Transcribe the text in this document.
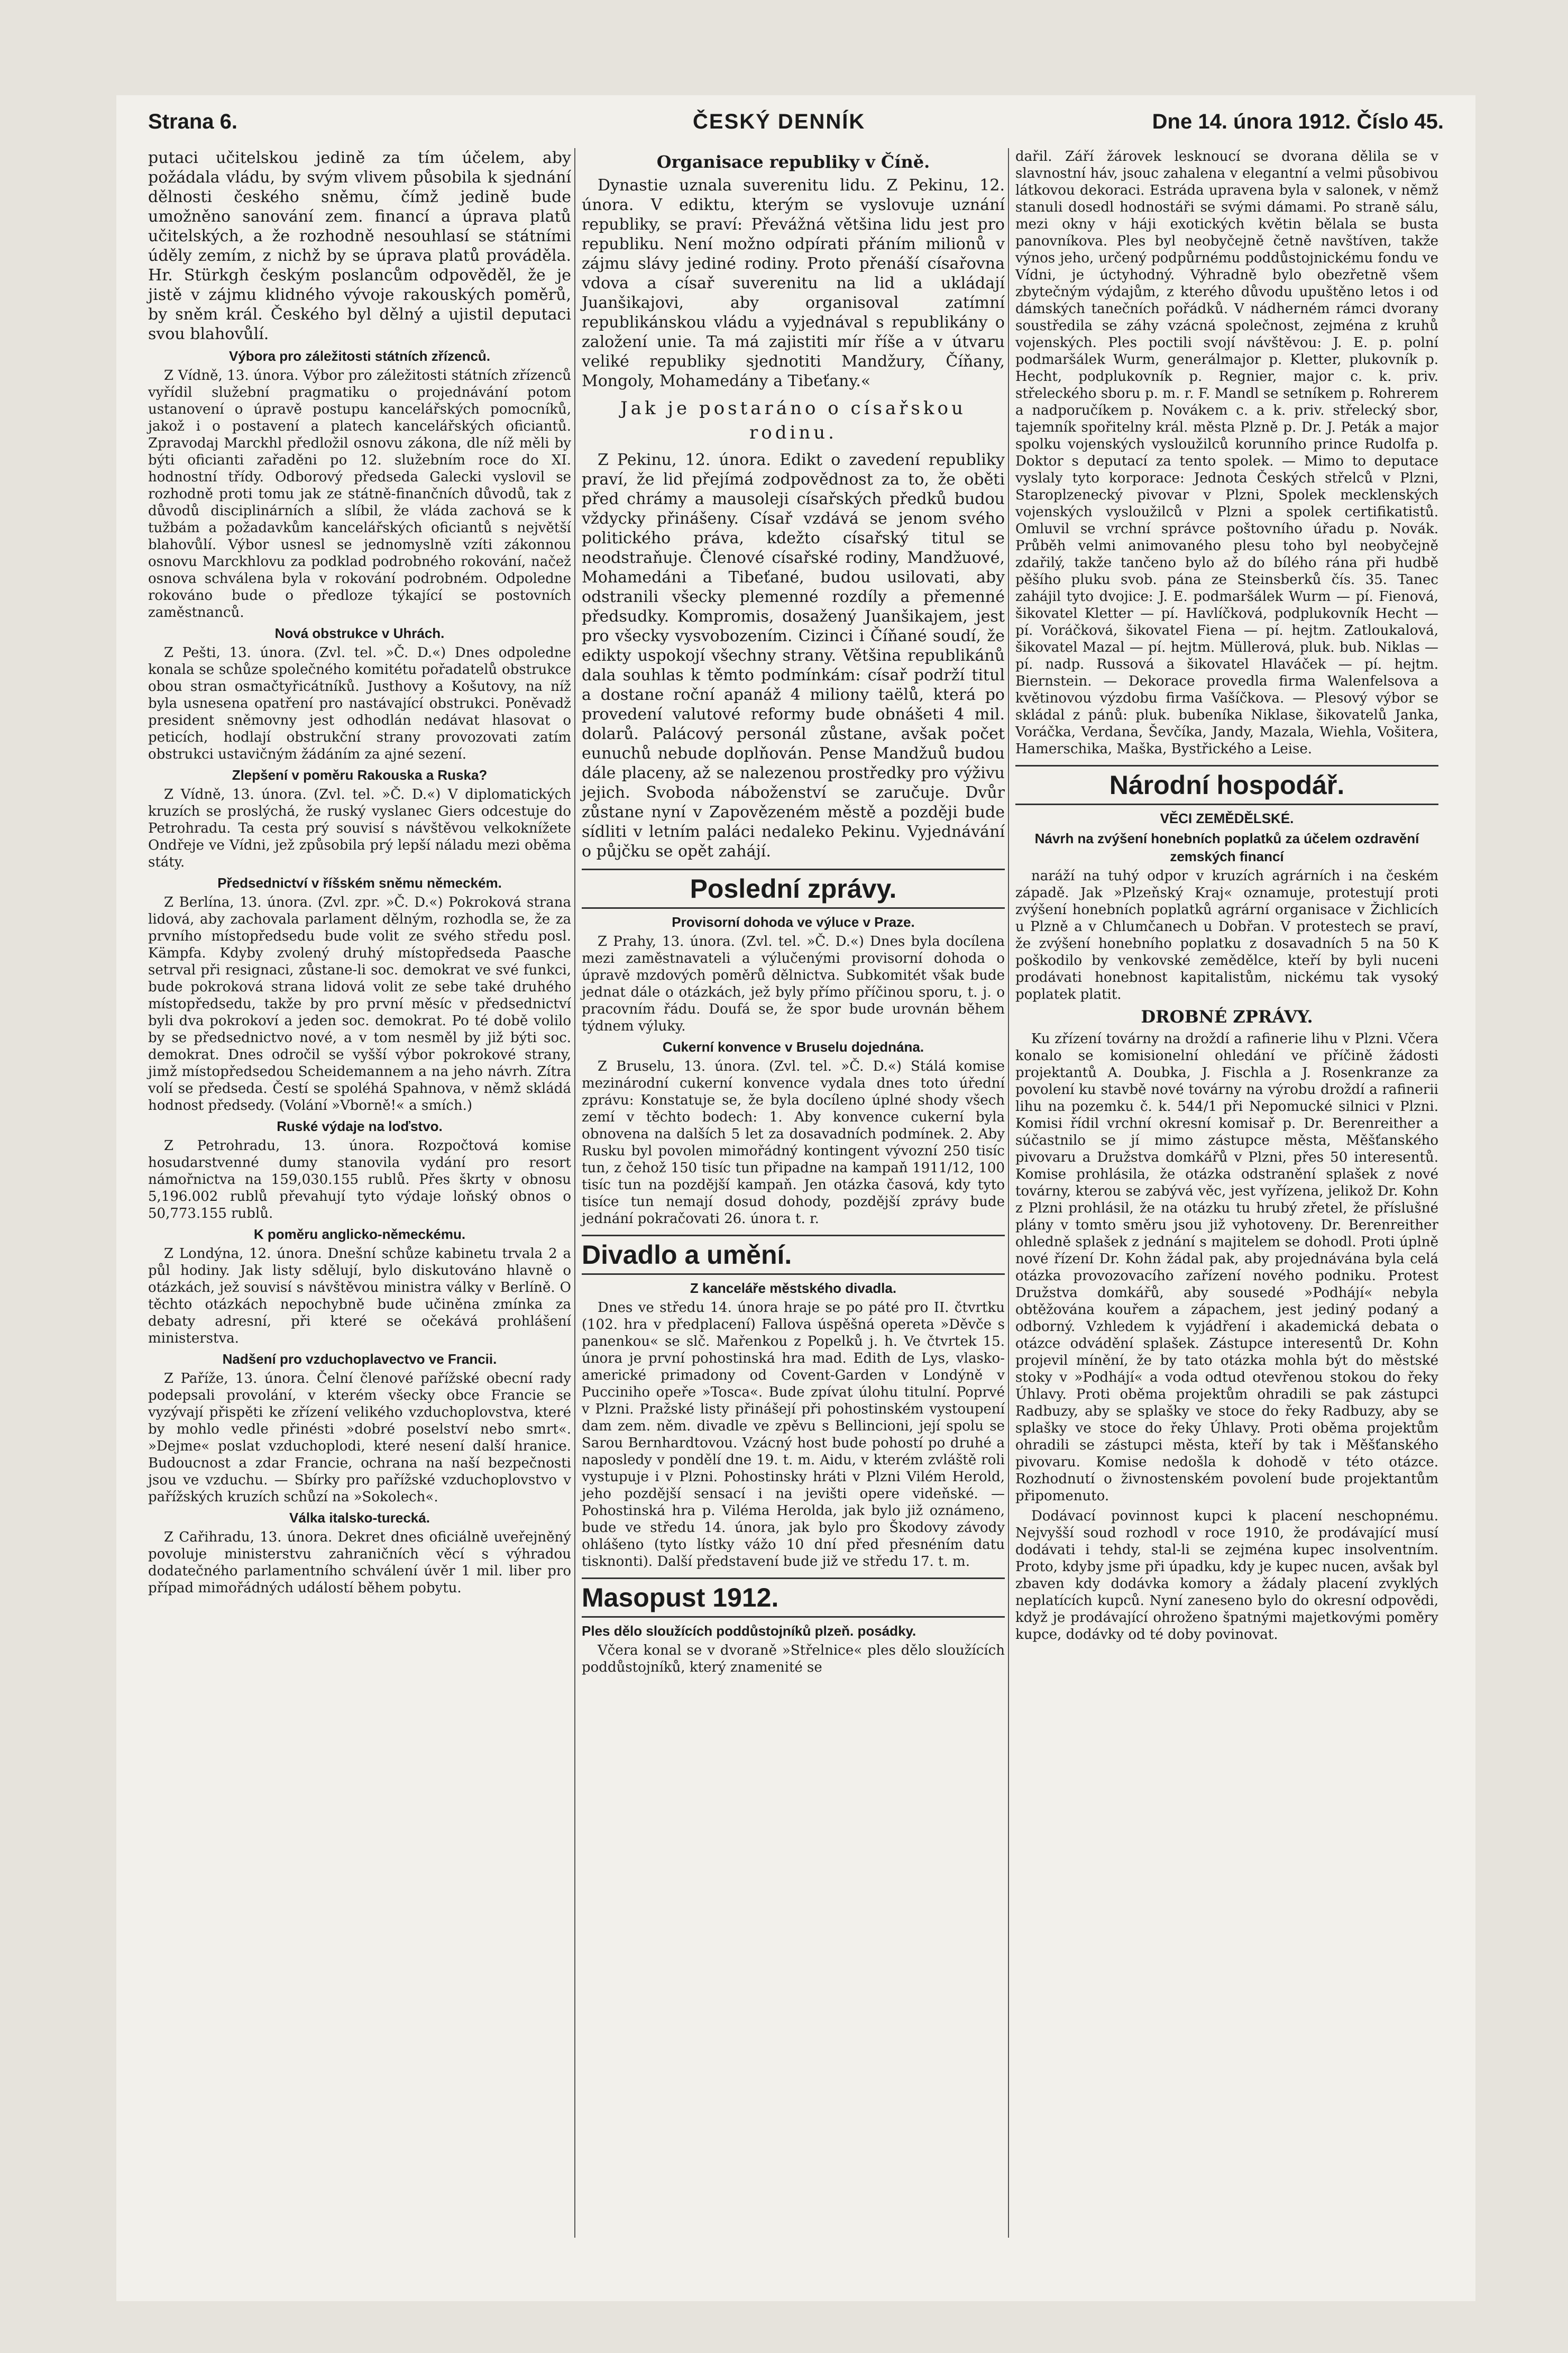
Strana 6.	ČESKÝ DENNÍK	Dne 14. února 1912. Číslo 45.

putaci učitelskou jedině za tím účelem, aby požádala vládu, by svým vlivem působila k sjednání dělnosti českého sněmu, čímž jedině bude umožněno sanování zem. financí a úprava platů učitelských, a že rozhodně nesouhlasí se státními úděly zemím, z nichž by se úprava platů prováděla. Hr. Stürkgh českým poslancům odpověděl, že je jistě v zájmu klidného vývoje rakouských poměrů, by sněm král. Českého byl dělný a ujistil deputaci svou blahovůlí.

Výbora pro záležitosti státních zřízenců.

Z Vídně, 13. února. Výbor pro záležitosti státních zřízenců vyřídil služební pragmatiku o projednávání potom ustanovení o úpravě postupu kancelářských pomocníků, jakož i o postavení a platech kancelářských oficiantů. Zpravodaj Marckhl předložil osnovu zákona, dle níž měli by býti oficianti zařaděni po 12. služebním roce do XI. hodnostní třídy. Odborový předseda Galecki vyslovil se rozhodně proti tomu jak ze státně-finančních důvodů, tak z důvodů disciplinárních a slíbil, že vláda zachová se k tužbám a požadavkům kancelářských oficiantů s největší blahovůlí. Výbor usnesl se jednomyslně vzíti zákonnou osnovu Marckhlovu za podklad podrobného rokování, načež osnova schválena byla v rokování podrobném. Odpoledne rokováno bude o předloze týkající se postovních zaměstnanců.

Nová obstrukce v Uhrách.

Z Pešti, 13. února. (Zvl. tel. »Č. D.«) Dnes odpoledne konala se schůze společného komitétu pořadatelů obstrukce obou stran osmačtyřicátníků. Justhovy a Košutovy, na níž byla usnesena opatření pro nastávající obstrukci. Poněvadž president sněmovny jest odhodlán nedávat hlasovat o peticích, hodlají obstrukční strany provozovati zatím obstrukci ustavičným žádáním za ajné sezení.

Zlepšení v poměru Rakouska a Ruska?

Z Vídně, 13. února. (Zvl. tel. »Č. D.«) V diplomatických kruzích se proslýchá, že ruský vyslanec Giers odcestuje do Petrohradu. Ta cesta prý souvisí s návštěvou velkoknížete Ondřeje ve Vídni, jež způsobila prý lepší náladu mezi oběma státy.

Předsednictví v říšském sněmu německém.

Z Berlína, 13. února. (Zvl. zpr. »Č. D.«) Pokroková strana lidová, aby zachovala parlament dělným, rozhodla se, že za prvního místopředsedu bude volit ze svého středu posl. Kämpfa. Kdyby zvolený druhý místopředseda Paasche setrval při resignaci, zůstane-li soc. demokrat ve své funkci, bude pokroková strana lidová volit ze sebe také druhého místopředsedu, takže by pro první měsíc v předsednictví byli dva pokrokoví a jeden soc. demokrat. Po té době volilo by se předsednictvo nové, a v tom nesměl by již býti soc. demokrat. Dnes odročil se vyšší výbor pokrokové strany, jimž místopředsedou Scheidemannem a na jeho návrh. Zítra volí se předseda. Čestí se spoléhá Spahnova, v němž skládá hodnost předsedy. (Volání »Vborně!« a smích.)

Ruské výdaje na loďstvo.

Z Petrohradu, 13. února. Rozpočtová komise hosudarstvenné dumy stanovila vydání pro resort námořnictva na 159,030.155 rublů. Přes škrty v obnosu 5,196.002 rublů převahují tyto výdaje loňský obnos o 50,773.155 rublů.

K poměru anglicko-německému.

Z Londýna, 12. února. Dnešní schůze kabinetu trvala 2 a půl hodiny. Jak listy sdělují, bylo diskutováno hlavně o otázkách, jež souvisí s návštěvou ministra války v Berlíně. O těchto otázkách nepochybně bude učiněna zmínka za debaty adresní, při které se očekává prohlášení ministerstva.

Nadšení pro vzduchoplavectvo ve Francii.

Z Paříže, 13. února. Čelní členové pařížské obecní rady podepsali provolání, v kterém všecky obce Francie se vyzývají přispěti ke zřízení velikého vzduchoplovstva, které by mohlo vedle přinésti »dobré poselství nebo smrt«. »Dejme« poslat vzduchoplodi, které nesení další hranice. Budoucnost a zdar Francie, ochrana na naší bezpečnosti jsou ve vzduchu. — Sbírky pro pařížské vzduchoplovstvo v pařížských kruzích schůzí na »Sokolech«.

Válka italsko-turecká.

Z Cařihradu, 13. února. Dekret dnes oficiálně uveřejněný povoluje ministerstvu zahraničních věcí s výhradou dodatečného parlamentního schválení úvěr 1 mil. liber pro případ mimořádných událostí během pobytu.

Organisace republiky v Číně.

Dynastie uznala suverenitu lidu. Z Pekinu, 12. února. V ediktu, kterým se vyslovuje uznání republiky, se praví: Převážná většina lidu jest pro republiku. Není možno odpírati přáním milionů v zájmu slávy jediné rodiny. Proto přenáší císařovna vdova a císař suverenitu na lid a ukládají Juanšikajovi, aby organisoval zatímní republikánskou vládu a vyjednával s republikány o založení unie. Ta má zajistiti mír říše a v útvaru veliké republiky sjednotiti Mandžury, Číňany, Mongoly, Mohamedány a Tibeťany.«

Jak je postaráno o císařskou rodinu.

Z Pekinu, 12. února. Edikt o zavedení republiky praví, že lid přejímá zodpovědnost za to, že oběti před chrámy a mausoleji císařských předků budou vždycky přinášeny. Císař vzdává se jenom svého politického práva, kdežto císařský titul se neodstraňuje. Členové císařské rodiny, Mandžuové, Mohamedáni a Tibeťané, budou usilovati, aby odstranili všecky plemenné rozdíly a přemenné předsudky. Kompromis, dosažený Juanšikajem, jest pro všecky vysvobozením. Cizinci i Číňané soudí, že edikty uspokojí všechny strany. Většina republikánů dala souhlas k těmto podmínkám: císař podrží titul a dostane roční apanáž 4 miliony taëlů, která po provedení valutové reformy bude obnášeti 4 mil. dolarů. Palácový personál zůstane, avšak počet eunuchů nebude doplňován. Pense Mandžuů budou dále placeny, až se nalezenou prostředky pro výživu jejich. Svoboda náboženství se zaručuje. Dvůr zůstane nyní v Zapovězeném městě a později bude sídliti v letním paláci nedaleko Pekinu. Vyjednávání o půjčku se opět zahájí.

Poslední zprávy.
Provisorní dohoda ve výluce v Praze.

Z Prahy, 13. února. (Zvl. tel. »Č. D.«) Dnes byla docílena mezi zaměstnavateli a výlučenými provisorní dohoda o úpravě mzdových poměrů dělnictva. Subkomitét však bude jednat dále o otázkách, jež byly přímo příčinou sporu, t. j. o pracovním řádu. Doufá se, že spor bude urovnán během týdnem výluky.

Cukerní konvence v Bruselu dojednána.

Z Bruselu, 13. února. (Zvl. tel. »Č. D.«) Stálá komise mezinárodní cukerní konvence vydala dnes toto úřední zprávu: Konstatuje se, že byla docíleno úplné shody všech zemí v těchto bodech: 1. Aby konvence cukerní byla obnovena na dalších 5 let za dosavadních podmínek. 2. Aby Rusku byl povolen mimořádný kontingent vývozní 250 tisíc tun, z čehož 150 tisíc tun připadne na kampaň 1911/12, 100 tisíc tun na pozdější kampaň. Jen otázka časová, kdy tyto tisíce tun nemají dosud dohody, pozdější zprávy bude jednání pokračovati 26. února t. r.

Divadlo a umění.
Z kanceláře městského divadla.

Dnes ve středu 14. února hraje se po páté pro II. čtvrtku (102. hra v předplacení) Fallova úspěšná opereta »Děvče s panenkou« se slč. Mařenkou z Popelků j. h. Ve čtvrtek 15. února je první pohostinská hra mad. Edith de Lys, vlasko-americké primadony od Covent-Garden v Londýně v Pucciniho opeře »Tosca«. Bude zpívat úlohu titulní. Poprvé v Plzni. Pražské listy přinášejí při pohostinském vystoupení dam zem. něm. divadle ve zpěvu s Bellincioni, její spolu se Sarou Bernhardtovou. Vzácný host bude pohostí po druhé a naposledy v pondělí dne 19. t. m. Aidu, v kterém zvláště roli vystupuje i v Plzni. Pohostinsky hráti v Plzni Vilém Herold, jeho pozdější sensací i na jevišti opere videňské. — Pohostinská hra p. Viléma Herolda, jak bylo již oznámeno, bude ve středu 14. února, jak bylo pro Škodovy závody ohlášeno (tyto lístky vážo 10 dní před přesnéním datu tisknonti). Další představení bude již ve středu 17. t. m.

Masopust 1912.
Ples dělo sloužících poddůstojníků plzeň. posádky.

Včera konal se v dvoraně »Střelnice« ples dělo sloužících poddůstojníků, který znamenité se

dařil. Září žárovek lesknoucí se dvorana dělila se v slavnostní háv, jsouc zahalena v elegantní a velmi působivou látkovou dekoraci. Estráda upravena byla v salonek, v němž stanuli dosedl hodnostáři se svými dámami. Po straně sálu, mezi okny v háji exotických květin bělala se busta panovníkova. Ples byl neobyčejně četně navštíven, takže výnos jeho, určený podpůrnému poddůstojnickému fondu ve Vídni, je úctyhodný. Výhradně bylo obezřetně všem zbytečným výdajům, z kterého důvodu upuštěno letos i od dámských tanečních pořádků. V nádherném rámci dvorany soustředila se záhy vzácná společnost, zejména z kruhů vojenských. Ples poctili svojí návštěvou: J. E. p. polní podmaršálek Wurm, generálmajor p. Kletter, plukovník p. Hecht, podplukovník p. Regnier, major c. k. priv. střeleckého sboru p. m. r. F. Mandl se setníkem p. Rohrerem a nadporučíkem p. Novákem c. a k. priv. střelecký sbor, tajemník spořitelny král. města Plzně p. Dr. J. Peták a major spolku vojenských vysloužilců korunního prince Rudolfa p. Doktor s deputací za tento spolek. — Mimo to deputace vyslaly tyto korporace: Jednota Českých střelců v Plzni, Staroplzenecký pivovar v Plzni, Spolek mecklenských vojenských vysloužilců v Plzni a spolek certifikatistů. Omluvil se vrchní správce poštovního úřadu p. Novák. Průběh velmi animovaného plesu toho byl neobyčejně zdařilý, takže tančeno bylo až do bílého rána při hudbě pěšího pluku svob. pána ze Steinsberků čís. 35. Tanec zahájil tyto dvojice: J. E. podmaršálek Wurm — pí. Fienová, šikovatel Kletter — pí. Havlíčková, podplukovník Hecht — pí. Voráčková, šikovatel Fiena — pí. hejtm. Zatloukalová, šikovatel Mazal — pí. hejtm. Müllerová, pluk. bub. Niklas — pí. nadp. Russová a šikovatel Hlaváček — pí. hejtm. Biernstein. — Dekorace provedla firma Walenfelsova a květinovou výzdobu firma Vašíčkova. — Plesový výbor se skládal z pánů: pluk. bubeníka Niklase, šikovatelů Janka, Voráčka, Verdana, Ševčíka, Jandy, Mazala, Wiehla, Vošitera, Hamerschika, Maška, Bystřického a Leise.

Národní hospodář.
VĚCI ZEMĚDĚLSKÉ.
Návrh na zvýšení honebních poplatků za účelem ozdravění zemských financí

naráží na tuhý odpor v kruzích agrárních i na českém západě. Jak »Plzeňský Kraj« oznamuje, protestují proti zvýšení honebních poplatků agrární organisace v Žichlicích u Plzně a v Chlumčanech u Dobřan. V protestech se praví, že zvýšení honebního poplatku z dosavadních 5 na 50 K poškodilo by venkovské zemědělce, kteří by byli nuceni prodávati honebnost kapitalistům, nickému tak vysoký poplatek platit.

DROBNÉ ZPRÁVY.

Ku zřízení továrny na droždí a rafinerie lihu v Plzni. Včera konalo se komisionelní ohledání ve příčině žádosti projektantů A. Doubka, J. Fischla a J. Rosenkranze za povolení ku stavbě nové továrny na výrobu droždí a rafinerii lihu na pozemku č. k. 544/1 při Nepomucké silnici v Plzni. Komisi řídil vrchní okresní komisař p. Dr. Berenreither a súčastnilo se jí mimo zástupce města, Měšťanského pivovaru a Družstva domkářů v Plzni, přes 50 interesentů. Komise prohlásila, že otázka odstranění splašek z nové továrny, kterou se zabývá věc, jest vyřízena, jelikož Dr. Kohn z Plzni prohlásil, že na otázku tu hrubý zřetel, že příslušné plány v tomto směru jsou již vyhotoveny. Dr. Berenreither ohledně splašek z jednání s majitelem se dohodl. Proti úplně nové řízení Dr. Kohn žádal pak, aby projednávána byla celá otázka provozovacího zařízení nového podniku. Protest Družstva domkářů, aby sousedé »Podhájí« nebyla obtěžována kouřem a zápachem, jest jediný podaný a odborný. Vzhledem k vyjádření i akademická debata o otázce odvádění splašek. Zástupce interesentů Dr. Kohn projevil mínění, že by tato otázka mohla být do městské stoky v »Podhájí« a voda odtud otevřenou stokou do řeky Úhlavy. Proti oběma projektům ohradili se pak zástupci Radbuzy, aby se splašky ve stoce do řeky Radbuzy, aby se splašky ve stoce do řeky Úhlavy. Proti oběma projektům ohradili se zástupci města, kteří by tak i Měšťanského pivovaru. Komise nedošla k dohodě v této otázce. Rozhodnutí o živnostenském povolení bude projektantům připomenuto.

Dodávací povinnost kupci k placení neschopnému. Nejvyšší soud rozhodl v roce 1910, že prodávající musí dodávati i tehdy, stal-li se zejména kupec insolventním. Proto, kdyby jsme při úpadku, kdy je kupec nucen, avšak byl zbaven kdy dodávka komory a žádaly placení zvyklých neplatících kupců. Nyní zaneseno bylo do okresní odpovědi, když je prodávající ohroženo špatnými majetkovými poměry kupce, dodávky od té doby povinovat.
